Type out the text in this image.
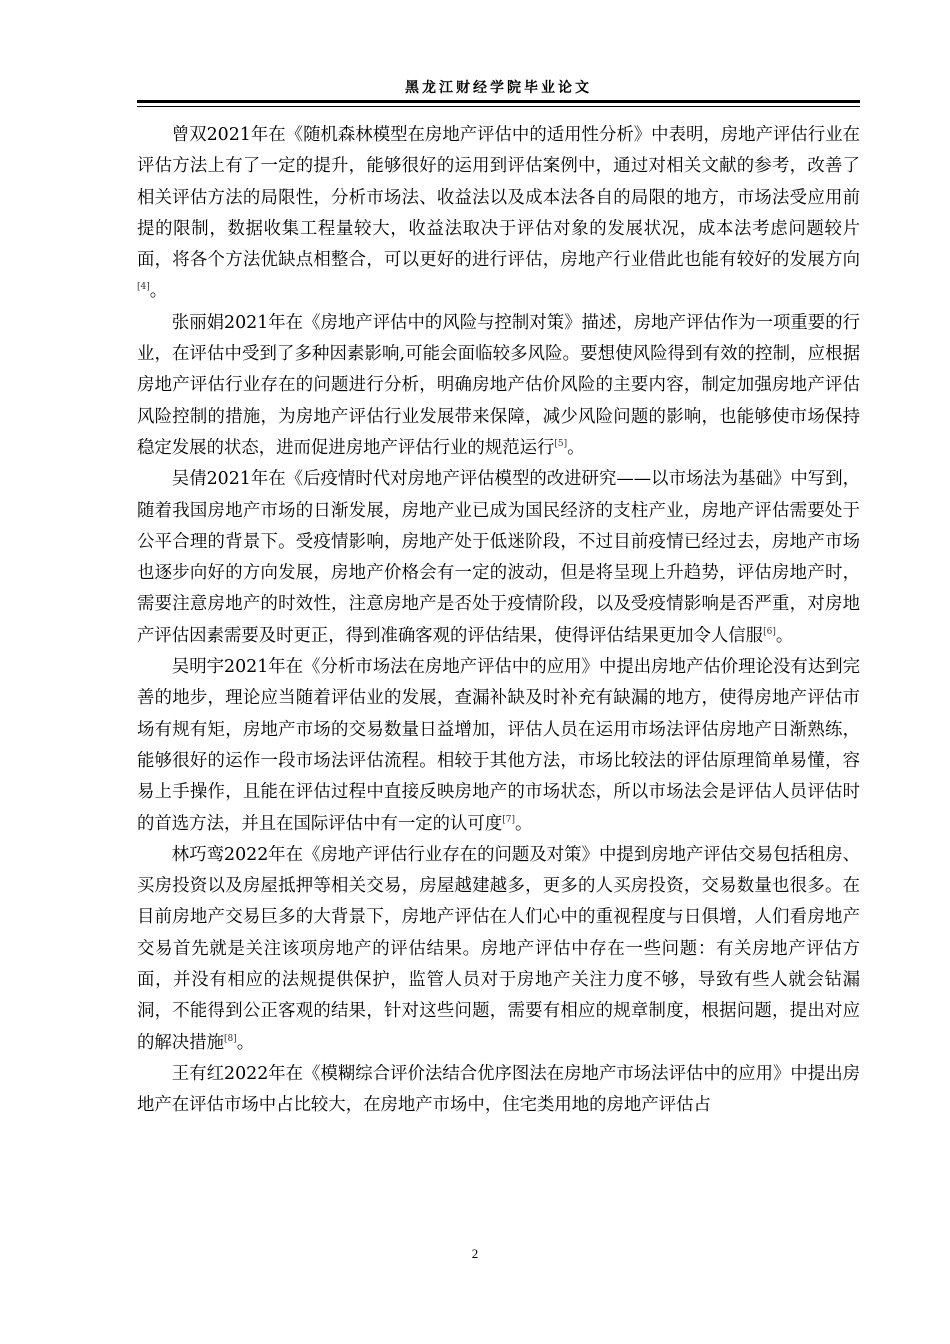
黑龙江财经学院毕业论文

曾双2021年在《随机森林模型在房地产评估中的适用性分析》中表明，房地产评估行业在评估方法上有了一定的提升，能够很好的运用到评估案例中，通过对相关文献的参考，改善了相关评估方法的局限性，分析市场法、收益法以及成本法各自的局限的地方，市场法受应用前提的限制，数据收集工程量较大，收益法取决于评估对象的发展状况，成本法考虑问题较片面，将各个方法优缺点相整合，可以更好的进行评估，房地产行业借此也能有较好的发展方向[4]。

张丽娟2021年在《房地产评估中的风险与控制对策》描述，房地产评估作为一项重要的行业，在评估中受到了多种因素影响,可能会面临较多风险。要想使风险得到有效的控制，应根据房地产评估行业存在的问题进行分析，明确房地产估价风险的主要内容，制定加强房地产评估风险控制的措施，为房地产评估行业发展带来保障，减少风险问题的影响，也能够使市场保持稳定发展的状态，进而促进房地产评估行业的规范运行[5]。

吴倩2021年在《后疫情时代对房地产评估模型的改进研究——以市场法为基础》中写到，随着我国房地产市场的日渐发展，房地产业已成为国民经济的支柱产业，房地产评估需要处于公平合理的背景下。受疫情影响，房地产处于低迷阶段，不过目前疫情已经过去，房地产市场也逐步向好的方向发展，房地产价格会有一定的波动，但是将呈现上升趋势，评估房地产时，需要注意房地产的时效性，注意房地产是否处于疫情阶段，以及受疫情影响是否严重，对房地产评估因素需要及时更正，得到准确客观的评估结果，使得评估结果更加令人信服[6]。

吴明宇2021年在《分析市场法在房地产评估中的应用》中提出房地产估价理论没有达到完善的地步，理论应当随着评估业的发展，查漏补缺及时补充有缺漏的地方，使得房地产评估市场有规有矩，房地产市场的交易数量日益增加，评估人员在运用市场法评估房地产日渐熟练，能够很好的运作一段市场法评估流程。相较于其他方法，市场比较法的评估原理简单易懂，容易上手操作，且能在评估过程中直接反映房地产的市场状态，所以市场法会是评估人员评估时的首选方法，并且在国际评估中有一定的认可度[7]。

林巧鸾2022年在《房地产评估行业存在的问题及对策》中提到房地产评估交易包括租房、买房投资以及房屋抵押等相关交易，房屋越建越多，更多的人买房投资，交易数量也很多。在目前房地产交易巨多的大背景下，房地产评估在人们心中的重视程度与日俱增，人们看房地产交易首先就是关注该项房地产的评估结果。房地产评估中存在一些问题：有关房地产评估方面，并没有相应的法规提供保护，监管人员对于房地产关注力度不够，导致有些人就会钻漏洞，不能得到公正客观的结果，针对这些问题，需要有相应的规章制度，根据问题，提出对应的解决措施[8]。

王有红2022年在《模糊综合评价法结合优序图法在房地产市场法评估中的应用》中提出房地产在评估市场中占比较大，在房地产市场中，住宅类用地的房地产评估占

2
